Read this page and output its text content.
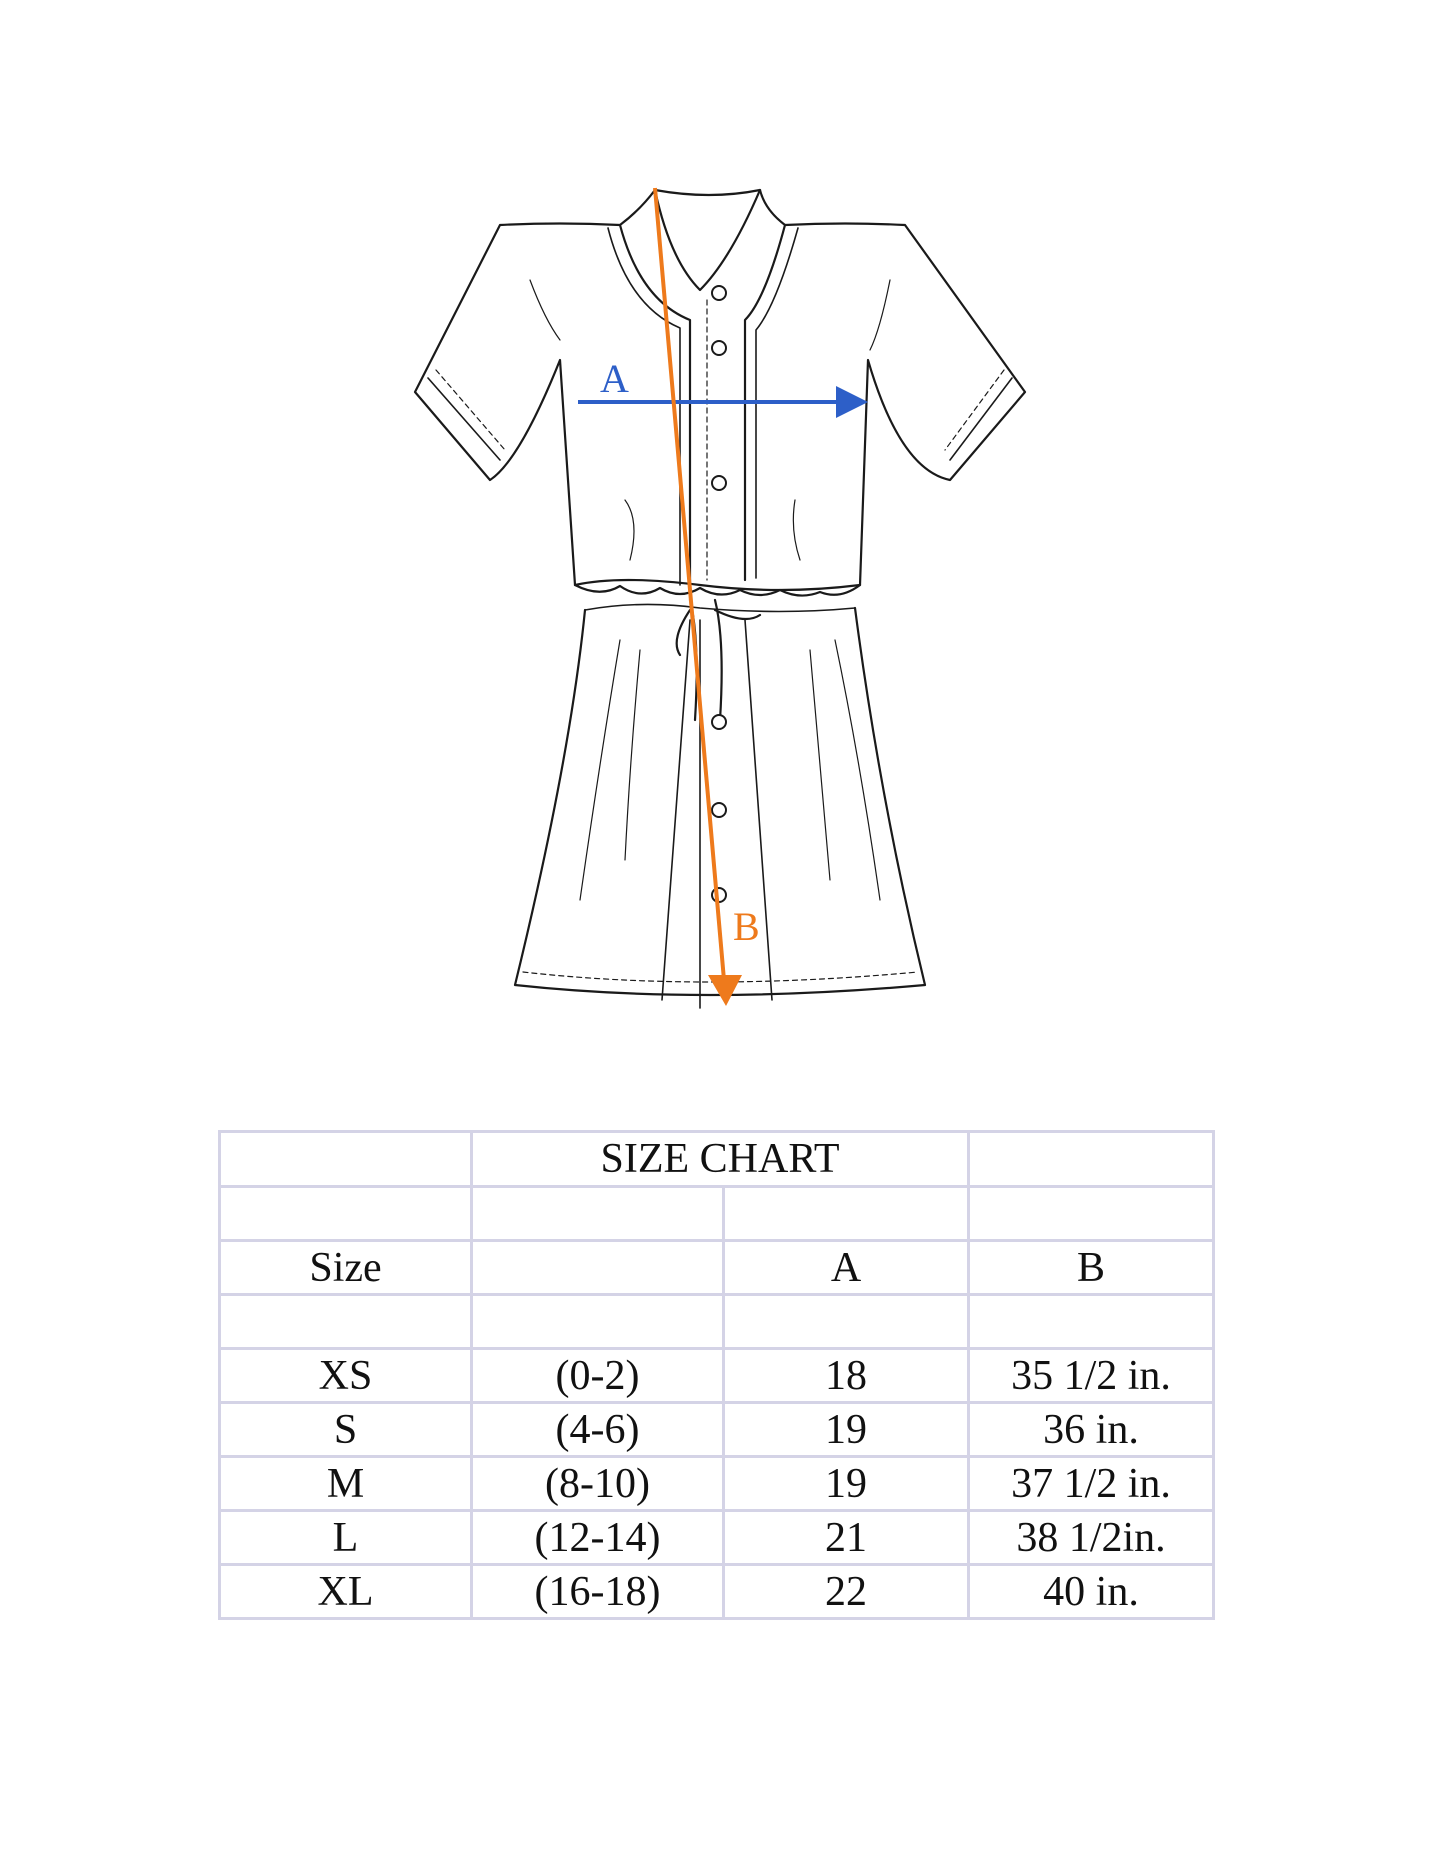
A
B
	SIZE CHART		

Size		A	B

XS	(0-2)	18	35 1/2 in.
S	(4-6)	19	36 in.
M	(8-10)	19	37 1/2 in.
L	(12-14)	21	38 1/2in.
XL	(16-18)	22	40 in.
